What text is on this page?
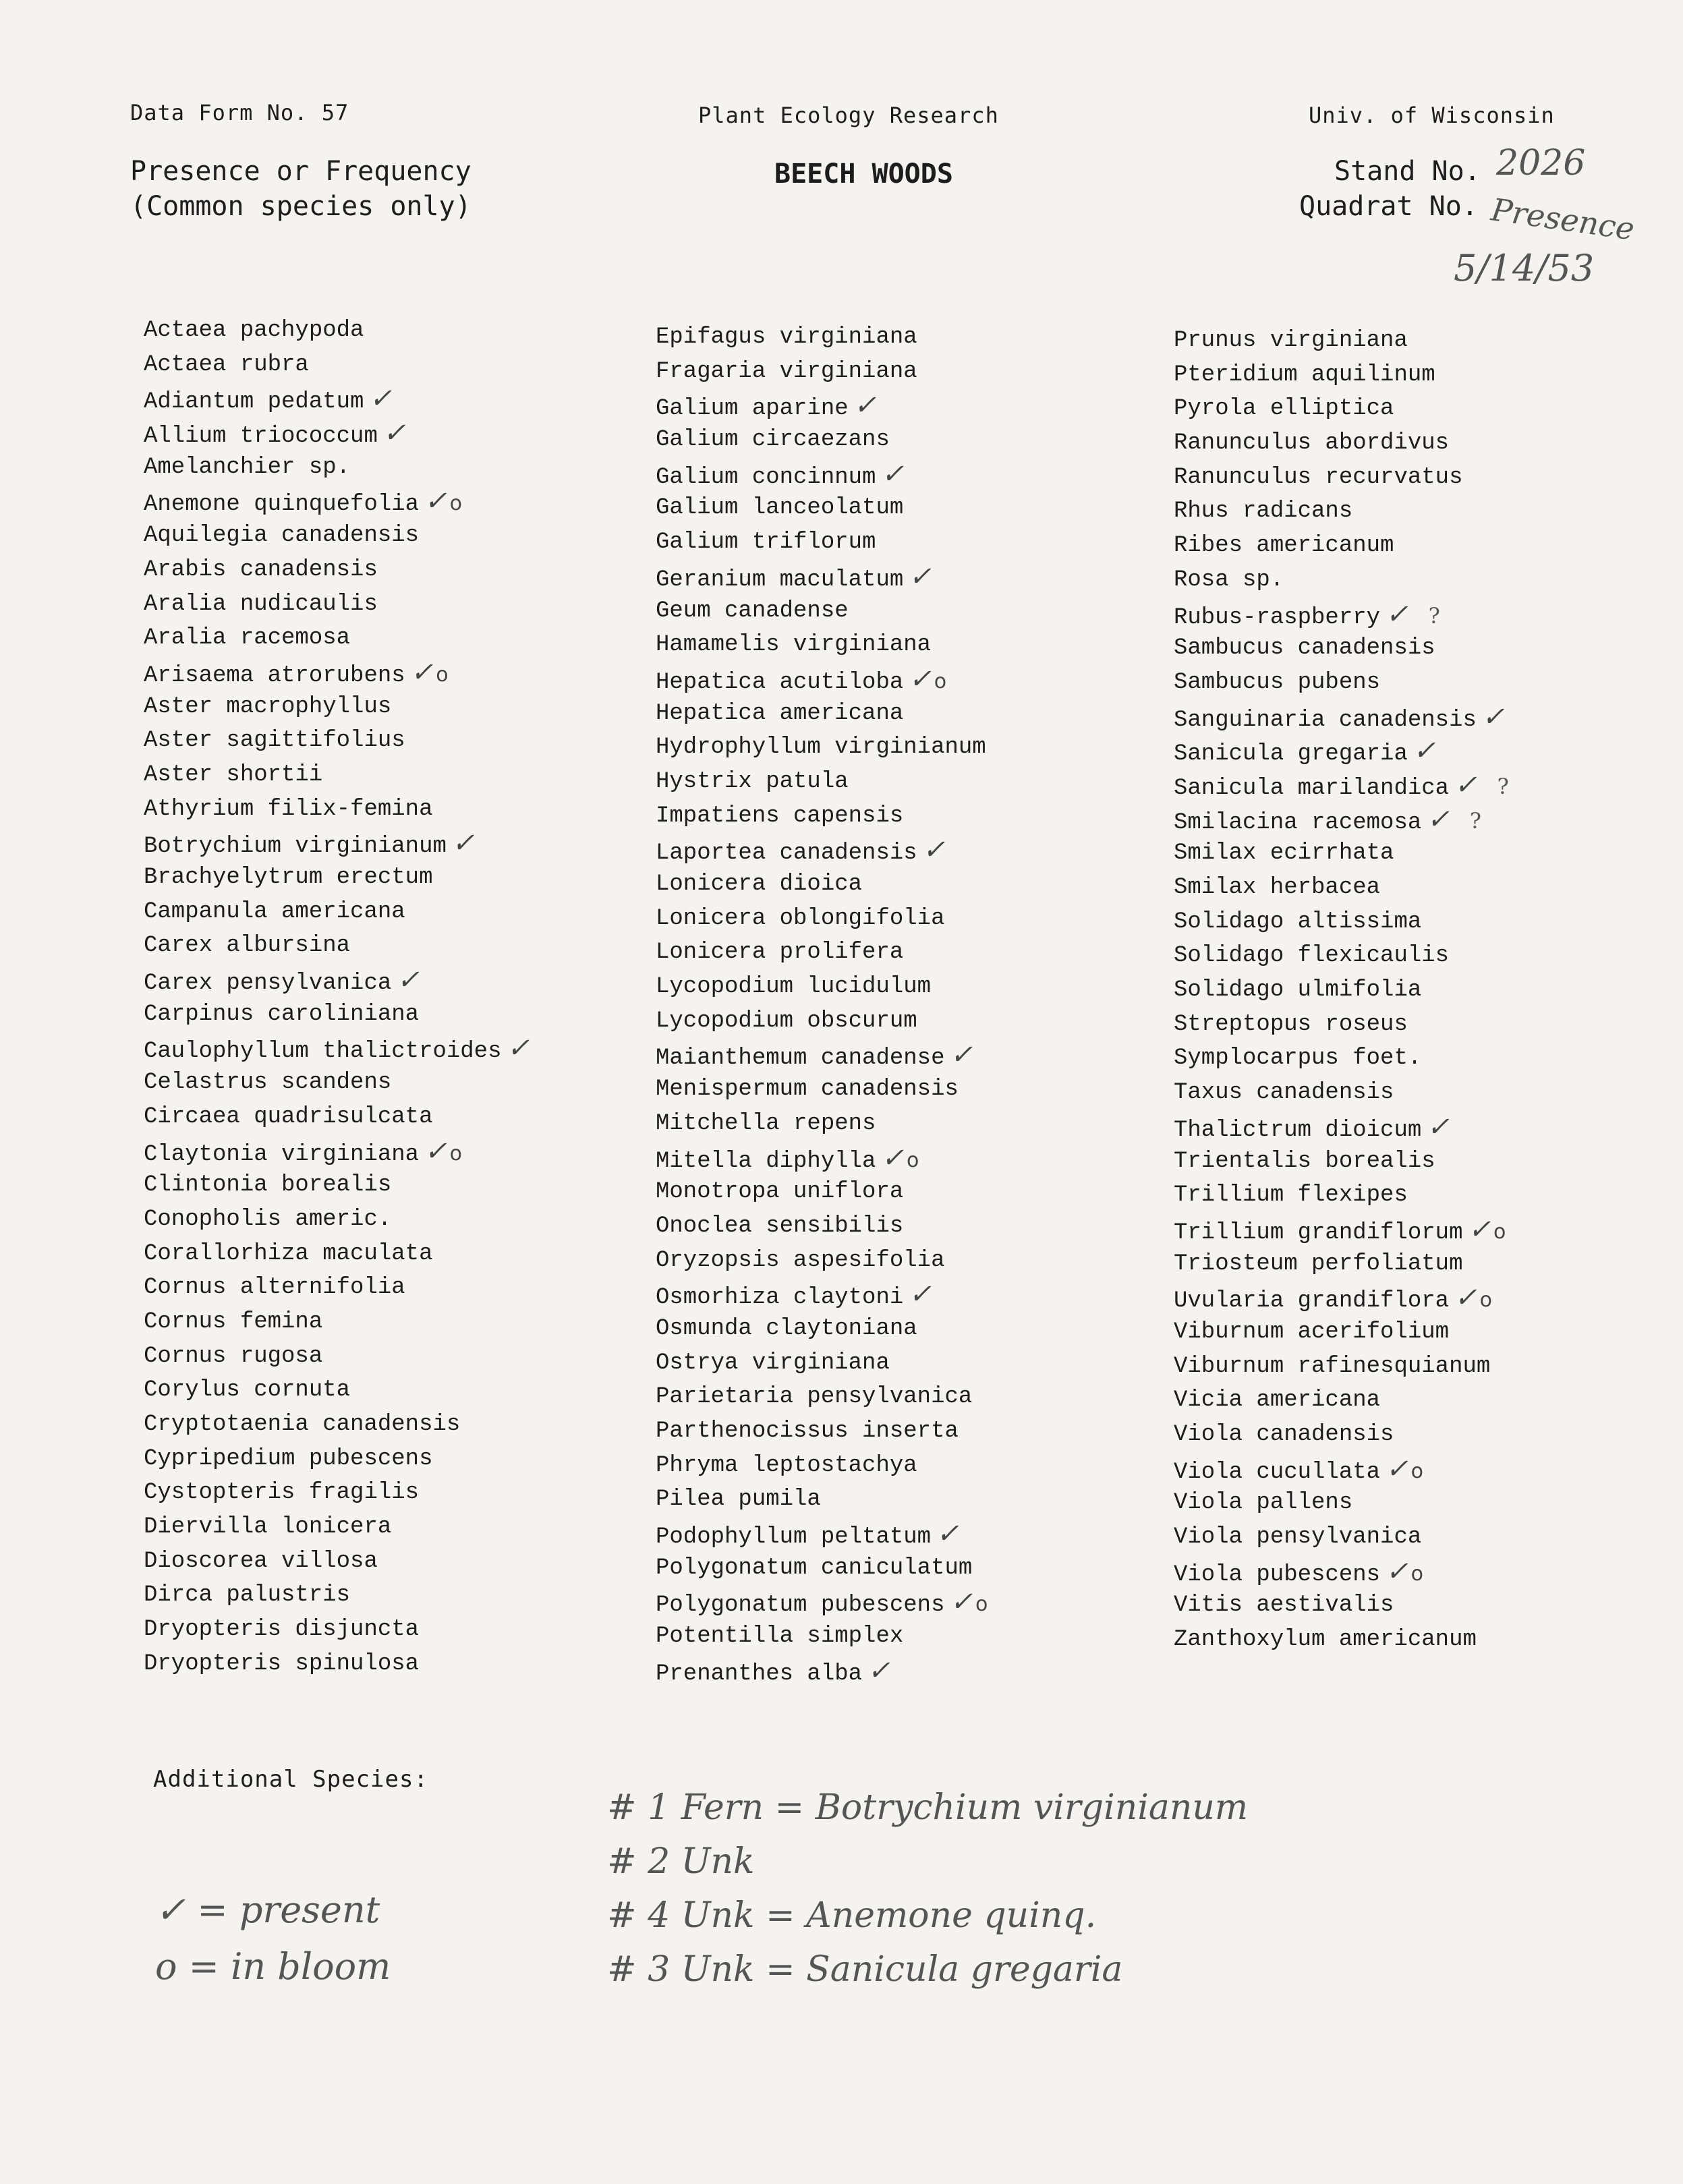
Data Form No. 57	Plant Ecology Research	Univ. of Wisconsin
Presence or Frequency
(Common species only)
BEECH WOODS	Stand No. 2026
Quadrat No. Presence
5/14/53
Actaea pachypoda
Actaea rubra
Adiantum pedatum ✓
Allium triococcum ✓
Amelanchier sp.
Anemone quinquefolia ✓ o
Aquilegia canadensis
Arabis canadensis
Aralia nudicaulis
Aralia racemosa
Arisaema atrorubens ✓ o
Aster macrophyllus
Aster sagittifolius
Aster shortii
Athyrium filix-femina
Botrychium virginianum ✓
Brachyelytrum erectum
Campanula americana
Carex albursina
Carex pensylvanica ✓
Carpinus caroliniana
Caulophyllum thalictroides ✓
Celastrus scandens
Circaea quadrisulcata
Claytonia virginiana ✓ o
Clintonia borealis
Conopholis americ.
Corallorhiza maculata
Cornus alternifolia
Cornus femina
Cornus rugosa
Corylus cornuta
Cryptotaenia canadensis
Cypripedium pubescens
Cystopteris fragilis
Diervilla lonicera
Dioscorea villosa
Dirca palustris
Dryopteris disjuncta
Dryopteris spinulosa
Epifagus virginiana
Fragaria virginiana
Galium aparine ✓
Galium circaezans
Galium concinnum ✓
Galium lanceolatum
Galium triflorum
Geranium maculatum ✓
Geum canadense
Hamamelis virginiana
Hepatica acutiloba ✓ o
Hepatica americana
Hydrophyllum virginianum
Hystrix patula
Impatiens capensis
Laportea canadensis ✓
Lonicera dioica
Lonicera oblongifolia
Lonicera prolifera
Lycopodium lucidulum
Lycopodium obscurum
Maianthemum canadense ✓
Menispermum canadensis
Mitchella repens
Mitella diphylla ✓ o
Monotropa uniflora
Onoclea sensibilis
Oryzopsis aspesifolia
Osmorhiza claytoni ✓
Osmunda claytoniana
Ostrya virginiana
Parietaria pensylvanica
Parthenocissus inserta
Phryma leptostachya
Pilea pumila
Podophyllum peltatum ✓
Polygonatum caniculatum
Polygonatum pubescens ✓ o
Potentilla simplex
Prenanthes alba ✓
Prunus virginiana
Pteridium aquilinum
Pyrola elliptica
Ranunculus abordivus
Ranunculus recurvatus
Rhus radicans
Ribes americanum
Rosa sp.
Rubus-raspberry ✓ ?
Sambucus canadensis
Sambucus pubens
Sanguinaria canadensis ✓
Sanicula gregaria ✓
Sanicula marilandica ✓ ?
Smilacina racemosa ✓ ?
Smilax ecirrhata
Smilax herbacea
Solidago altissima
Solidago flexicaulis
Solidago ulmifolia
Streptopus roseus
Symplocarpus foet.
Taxus canadensis
Thalictrum dioicum ✓
Trientalis borealis
Trillium flexipes
Trillium grandiflorum ✓ o
Triosteum perfoliatum
Uvularia grandiflora ✓ o
Viburnum acerifolium
Viburnum rafinesquianum
Vicia americana
Viola canadensis
Viola cucullata ✓ o
Viola pallens
Viola pensylvanica
Viola pubescens ✓ o
Vitis aestivalis
Zanthoxylum americanum
Additional Species:
# 1 Fern = Botrychium virginianum
# 2 Unk
# 4 Unk = Anemone quinq.
# 3 Unk = Sanicula gregaria
✓ = present
o = in bloom
